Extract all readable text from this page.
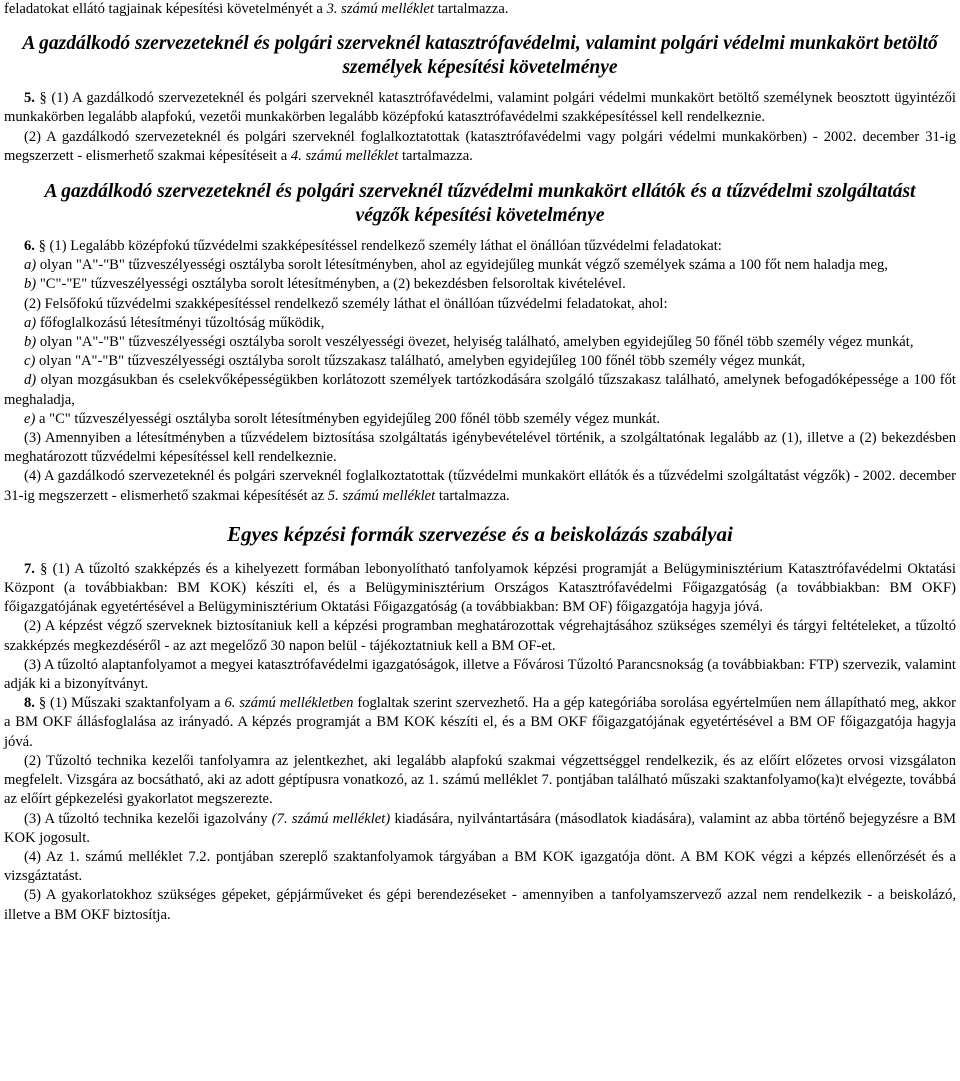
feladatokat ellátó tagjainak képesítési követelményét a 3. számú melléklet tartalmazza.

A gazdálkodó szervezeteknél és polgári szerveknél katasztrófavédelmi, valamint polgári védelmi munkakört betöltő személyek képesítési követelménye

5. § (1) A gazdálkodó szervezeteknél és polgári szerveknél katasztrófavédelmi, valamint polgári védelmi munkakört betöltő személynek beosztott ügyintézői munkakörben legalább alapfokú, vezetői munkakörben legalább középfokú katasztrófavédelmi szakképesítéssel kell rendelkeznie.

(2) A gazdálkodó szervezeteknél és polgári szerveknél foglalkoztatottak (katasztrófavédelmi vagy polgári védelmi munkakörben) - 2002. december 31-ig megszerzett - elismerhető szakmai képesítéseit a 4. számú melléklet tartalmazza.

A gazdálkodó szervezeteknél és polgári szerveknél tűzvédelmi munkakört ellátók és a tűzvédelmi szolgáltatást végzők képesítési követelménye

6. § (1) Legalább középfokú tűzvédelmi szakképesítéssel rendelkező személy láthat el önállóan tűzvédelmi feladatokat:

a) olyan "A"-"B" tűzveszélyességi osztályba sorolt létesítményben, ahol az egyidejűleg munkát végző személyek száma a 100 főt nem haladja meg,

b) "C"-"E" tűzveszélyességi osztályba sorolt létesítményben, a (2) bekezdésben felsoroltak kivételével.

(2) Felsőfokú tűzvédelmi szakképesítéssel rendelkező személy láthat el önállóan tűzvédelmi feladatokat, ahol:

a) főfoglalkozású létesítményi tűzoltóság működik,

b) olyan "A"-"B" tűzveszélyességi osztályba sorolt veszélyességi övezet, helyiség található, amelyben egyidejűleg 50 főnél több személy végez munkát,

c) olyan "A"-"B" tűzveszélyességi osztályba sorolt tűzszakasz található, amelyben egyidejűleg 100 főnél több személy végez munkát,

d) olyan mozgásukban és cselekvőképességükben korlátozott személyek tartózkodására szolgáló tűzszakasz található, amelynek befogadóképessége a 100 főt meghaladja,

e) a "C" tűzveszélyességi osztályba sorolt létesítményben egyidejűleg 200 főnél több személy végez munkát.

(3) Amennyiben a létesítményben a tűzvédelem biztosítása szolgáltatás igénybevételével történik, a szolgáltatónak legalább az (1), illetve a (2) bekezdésben meghatározott tűzvédelmi képesítéssel kell rendelkeznie.

(4) A gazdálkodó szervezeteknél és polgári szerveknél foglalkoztatottak (tűzvédelmi munkakört ellátók és a tűzvédelmi szolgáltatást végzők) - 2002. december 31-ig megszerzett - elismerhető szakmai képesítését az 5. számú melléklet tartalmazza.

Egyes képzési formák szervezése és a beiskolázás szabályai

7. § (1) A tűzoltó szakképzés és a kihelyezett formában lebonyolítható tanfolyamok képzési programját a Belügyminisztérium Katasztrófavédelmi Oktatási Központ (a továbbiakban: BM KOK) készíti el, és a Belügyminisztérium Országos Katasztrófavédelmi Főigazgatóság (a továbbiakban: BM OKF) főigazgatójának egyetértésével a Belügyminisztérium Oktatási Főigazgatóság (a továbbiakban: BM OF) főigazgatója hagyja jóvá.

(2) A képzést végző szerveknek biztosítaniuk kell a képzési programban meghatározottak végrehajtásához szükséges személyi és tárgyi feltételeket, a tűzoltó szakképzés megkezdéséről - az azt megelőző 30 napon belül - tájékoztatniuk kell a BM OF-et.

(3) A tűzoltó alaptanfolyamot a megyei katasztrófavédelmi igazgatóságok, illetve a Fővárosi Tűzoltó Parancsnokság (a továbbiakban: FTP) szervezik, valamint adják ki a bizonyítványt.

8. § (1) Műszaki szaktanfolyam a 6. számú mellékletben foglaltak szerint szervezhető. Ha a gép kategóriába sorolása egyértelműen nem állapítható meg, akkor a BM OKF állásfoglalása az irányadó. A képzés programját a BM KOK készíti el, és a BM OKF főigazgatójának egyetértésével a BM OF főigazgatója hagyja jóvá.

(2) Tűzoltó technika kezelői tanfolyamra az jelentkezhet, aki legalább alapfokú szakmai végzettséggel rendelkezik, és az előírt előzetes orvosi vizsgálaton megfelelt. Vizsgára az bocsátható, aki az adott géptípusra vonatkozó, az 1. számú melléklet 7. pontjában található műszaki szaktanfolyamo(ka)t elvégezte, továbbá az előírt gépkezelési gyakorlatot megszerezte.

(3) A tűzoltó technika kezelői igazolvány (7. számú melléklet) kiadására, nyilvántartására (másodlatok kiadására), valamint az abba történő bejegyzésre a BM KOK jogosult.

(4) Az 1. számú melléklet 7.2. pontjában szereplő szaktanfolyamok tárgyában a BM KOK igazgatója dönt. A BM KOK végzi a képzés ellenőrzését és a vizsgáztatást.

(5) A gyakorlatokhoz szükséges gépeket, gépjárműveket és gépi berendezéseket - amennyiben a tanfolyamszervező azzal nem rendelkezik - a beiskolázó, illetve a BM OKF biztosítja.
